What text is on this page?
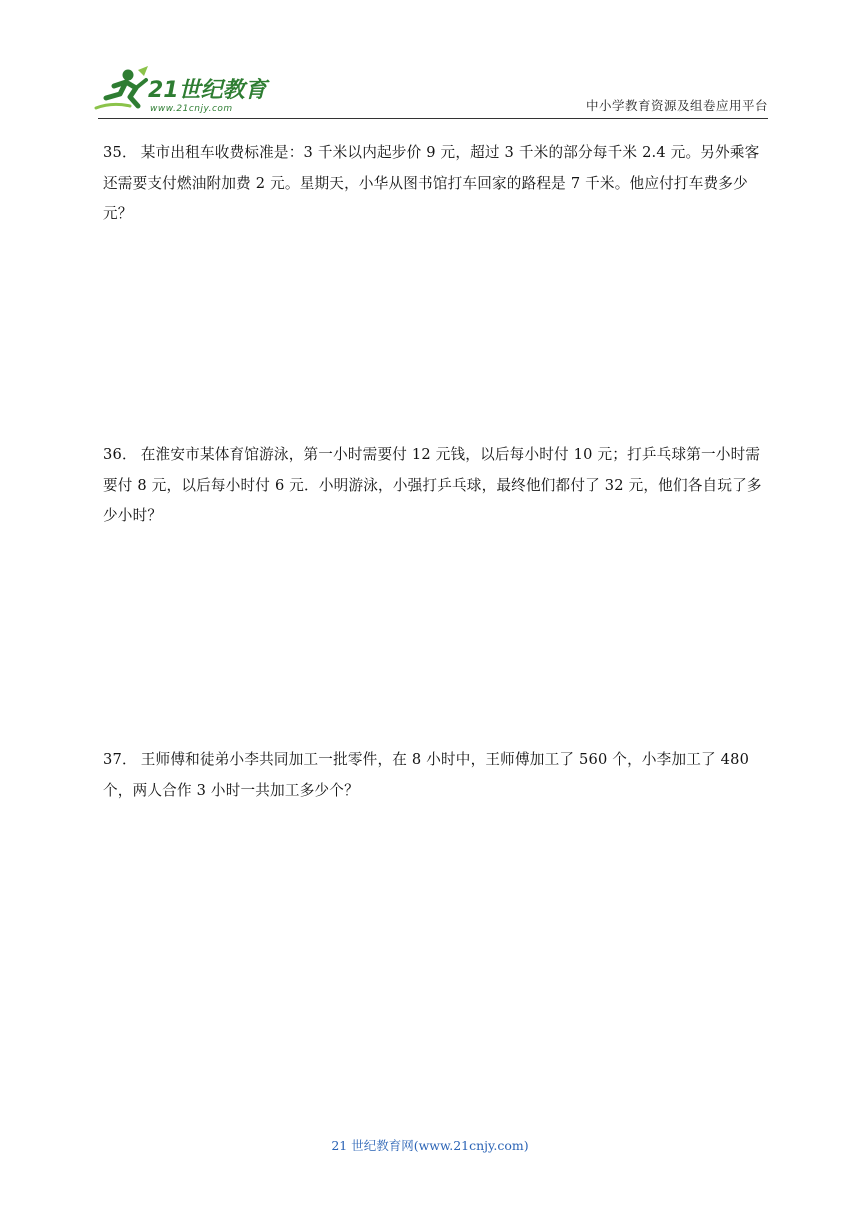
21世纪教育
www.21cnjy.com	中小学教育资源及组卷应用平台
35． 某市出租车收费标准是：3 千米以内起步价 9 元，超过 3 千米的部分每千米 2.4 元。另外乘客还需要支付燃油附加费 2 元。星期天，小华从图书馆打车回家的路程是 7 千米。他应付打车费多少元？
36． 在淮安市某体育馆游泳，第一小时需要付 12 元钱，以后每小时付 10 元；打乒乓球第一小时需要付 8 元，以后每小时付 6 元．小明游泳，小强打乒乓球，最终他们都付了 32 元，他们各自玩了多少小时？
37． 王师傅和徒弟小李共同加工一批零件，在 8 小时中，王师傅加工了 560 个，小李加工了 480 个，两人合作 3 小时一共加工多少个？
21 世纪教育网(www.21cnjy.com)
